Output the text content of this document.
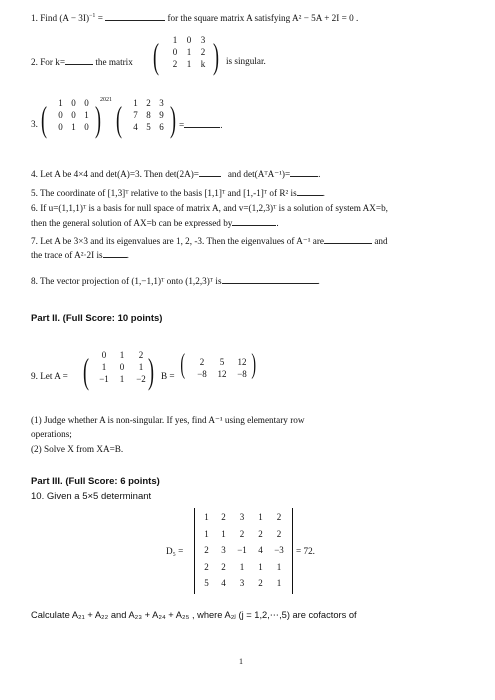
1. Find $(A - 3I)^{-1}$ =	for the square matrix A satisfying A² − 5A + 2I = 0 .
2. For k=	the matrix (	1	0	3
0	1	2
2	1	k ) is singular.
3. (	1 0 0
0 0 1
0 1 0 ) 2021 (	1 2 3
7 8 9
4 5 6 ) =	.
4. Let A be 4×4 and det(A)=3. Then det(2A)=	and det(AᵀA⁻¹)=	.
5. The coordinate of [1,3]ᵀ relative to the basis [1,1]ᵀ and [1,-1]ᵀ of R² is	.
6. If u=(1,1,1)ᵀ is a basis for null space of matrix A, and v=(1,2,3)ᵀ is a solution of system AX=b,
then the general solution of AX=b can be expressed by	.
7. Let A be 3×3 and its eigenvalues are 1, 2, -3. Then the eigenvalues of A⁻¹ are	and
the trace of A²·2I is	.
8. The vector projection of (1,−1,1)ᵀ onto (1,2,3)ᵀ is	.
Part II. (Full Score: 10 points)
9. Let A = (	0	1	2
1	0	1
−1	1	−2 ) B = (	2	5	12
−8	12	−8 )
(1) Judge whether A is non-singular. If yes, find A⁻¹ using elementary row
operations;
(2) Solve X from XA=B.
Part III. (Full Score: 6 points)
10. Given a 5×5 determinant
D₅ =
1	2	3	1	2
1	1	2	2	2
2	3	−1	4	−3
2	2	1	1	1
5	4	3	2	1
= 72.
Calculate A₂₁ + A₂₂ and A₂₃ + A₂₄ + A₂₅ , where A₂ⱼ (j = 1,2,⋯,5) are cofactors of
1
